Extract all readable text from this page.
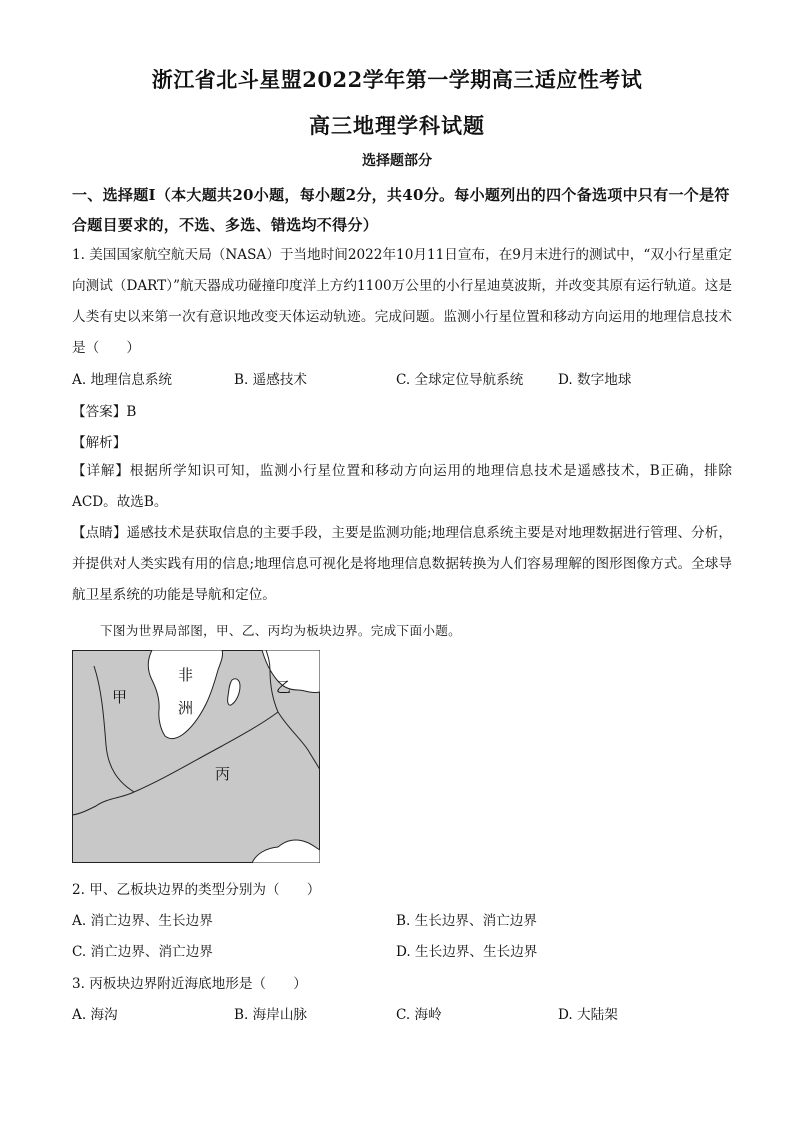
浙江省北斗星盟2022学年第一学期高三适应性考试
高三地理学科试题
选择题部分
一、选择题Ⅰ（本大题共20小题，每小题2分，共40分。每小题列出的四个备选项中只有一个是符合题目要求的，不选、多选、错选均不得分）
1. 美国国家航空航天局（NASA）于当地时间2022年10月11日宣布，在9月末进行的测试中，“双小行星重定向测试（DART）”航天器成功碰撞印度洋上方约1100万公里的小行星迪莫波斯，并改变其原有运行轨道。这是人类有史以来第一次有意识地改变天体运动轨迹。完成问题。监测小行星位置和移动方向运用的地理信息技术是（　　）
A. 地理信息系统	B. 遥感技术	C. 全球定位导航系统	D. 数字地球
【答案】B
【解析】
【详解】根据所学知识可知，监测小行星位置和移动方向运用的地理信息技术是遥感技术，B正确，排除ACD。故选B。
【点睛】遥感技术是获取信息的主要手段，主要是监测功能;地理信息系统主要是对地理数据进行管理、分析，并提供对人类实践有用的信息;地理信息可视化是将地理信息数据转换为人们容易理解的图形图像方式。全球导航卫星系统的功能是导航和定位。
下图为世界局部图，甲、乙、丙均为板块边界。完成下面小题。
甲
乙
丙
非
洲
2. 甲、乙板块边界的类型分别为（　　）
A. 消亡边界、生长边界	B. 生长边界、消亡边界
C. 消亡边界、消亡边界	D. 生长边界、生长边界
3. 丙板块边界附近海底地形是（　　）
A. 海沟	B. 海岸山脉	C. 海岭	D. 大陆架
